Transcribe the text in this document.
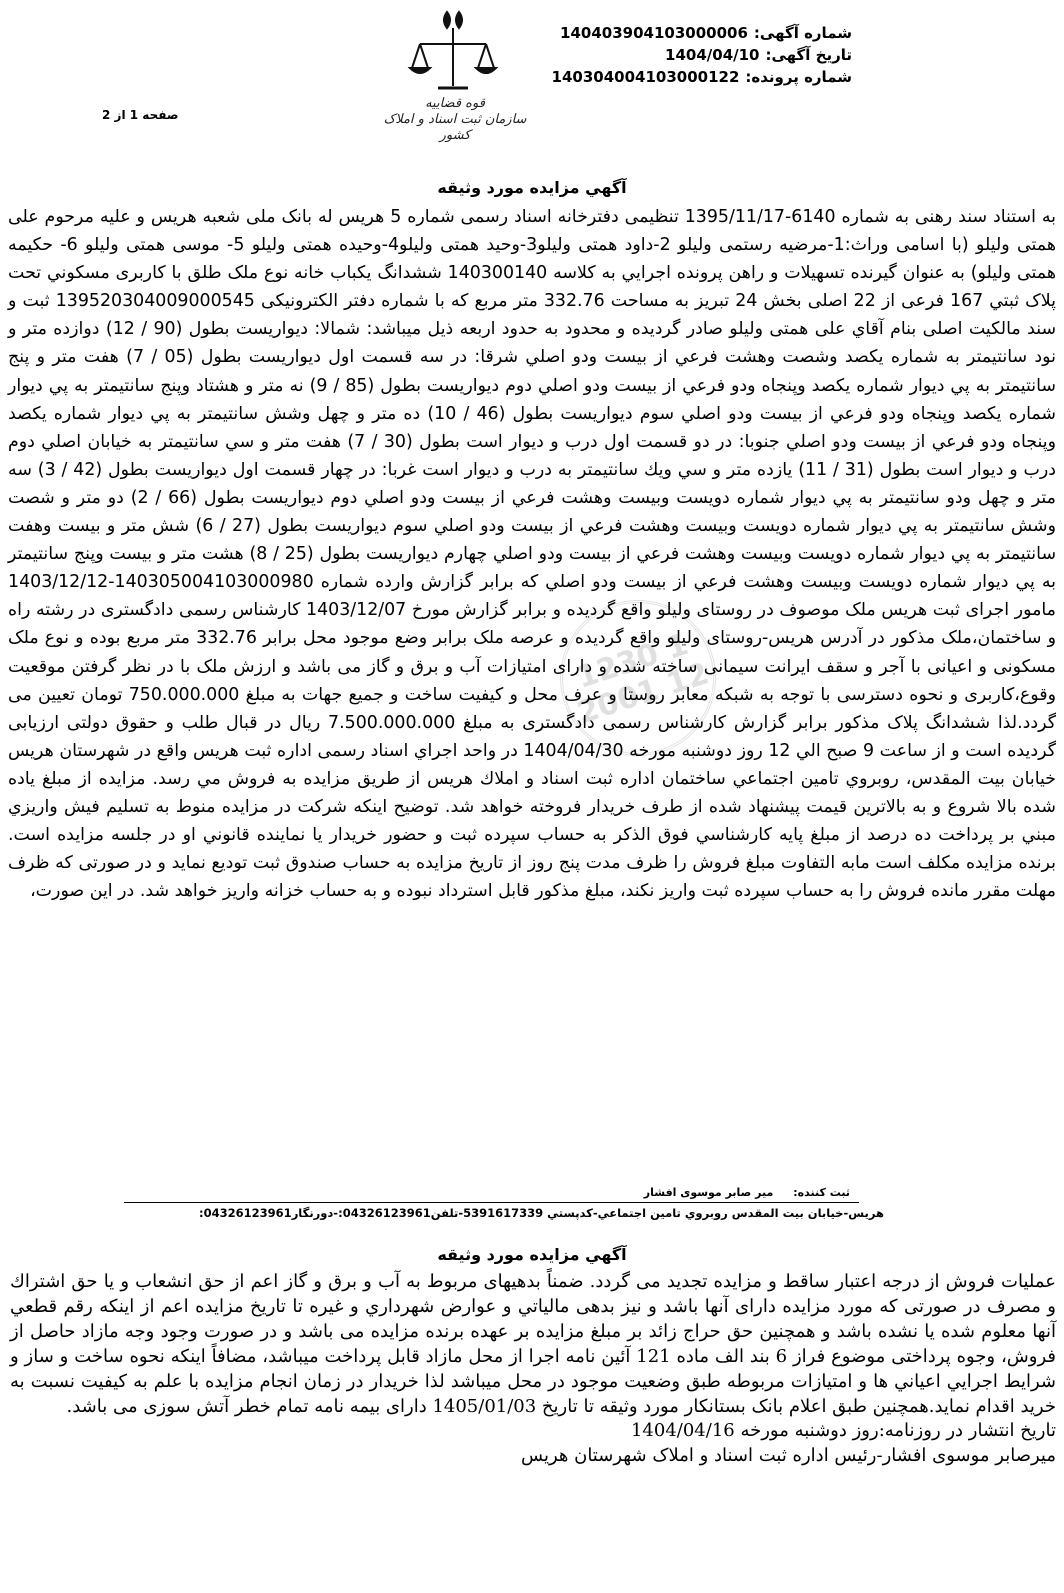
شماره آگهی:140403904103000006
تاریخ آگهی:1404/04/10
شماره پرونده:140304004103000122
قوه قضاییه
سازمان ثبت اسناد و املاک کشور
صفحه 1 از 2
1230 1 2001 12
آگهي مزايده مورد وثيقه
به استناد سند رهنی به شماره 6140-1395/11/17 تنظیمی دفترخانه اسناد رسمی شماره 5 هریس له بانک ملی شعبه هریس و علیه مرحوم علی همتی ولیلو (با اسامی وراث:1-مرضیه رستمی ولیلو 2-داود همتی ولیلو3-وحید همتی ولیلو4-وحیده همتی ولیلو 5- موسی همتی ولیلو 6- حکیمه همتی ولیلو) به عنوان گیرنده تسهیلات و راهن پرونده اجرايي به كلاسه 140300140 ششدانگ یکباب خانه نوع ملک طلق با کاربری مسكوني تحت پلاک ثبتي 167 فرعی از 22 اصلی بخش 24 تبریز به مساحت 332.76 متر مربع که با شماره دفتر الکترونیکی 13952030400900054​5 ثبت و سند مالکیت اصلی بنام آقاي علی همتی ولیلو صادر گردیده و محدود به حدود اربعه ذیل میباشد: شمالا: ديواريست بطول (90 / 12) دوازده متر و نود سانتيمتر به شماره يكصد وشصت وهشت فرعي از بيست ودو اصلي شرقا: در سه قسمت اول ديواريست بطول (05 / 7) هفت متر و پنج سانتيمتر به پي ديوار شماره يكصد وپنجاه ودو فرعي از بيست ودو اصلي دوم ديواريست بطول (85 / 9) نه متر و هشتاد وپنج سانتيمتر به پي ديوار شماره يكصد وپنجاه ودو فرعي از بيست ودو اصلي سوم ديواريست بطول (46 / 10) ده متر و چهل وشش سانتيمتر به پي ديوار شماره يكصد وپنجاه ودو فرعي از بيست ودو اصلي جنوبا: در دو قسمت اول درب و ديوار است بطول (30 / 7) هفت متر و سي سانتيمتر به خيابان اصلي دوم درب و ديوار است بطول (31 / 11) يازده متر و سي ويك سانتيمتر به درب و ديوار است غربا: در چهار قسمت اول ديواريست بطول (42 / 3) سه متر و چهل ودو سانتيمتر به پي ديوار شماره دويست وبيست وهشت فرعي از بيست ودو اصلي دوم ديواريست بطول (66 / 2) دو متر و شصت وشش سانتيمتر به پي ديوار شماره دويست وبيست وهشت فرعي از بيست ودو اصلي سوم ديواريست بطول (27 / 6) شش متر و بيست وهفت سانتيمتر به پي ديوار شماره دويست وبيست وهشت فرعي از بيست ودو اصلي چهارم ديواريست بطول (25 / 8) هشت متر و بيست وپنج سانتيمتر به پي ديوار شماره دويست وبيست وهشت فرعي از بيست ودو اصلي كه برابر گزارش وارده شماره 140305004103000980-1403/12/12 مامور اجرای ثبت هریس ملک موصوف در روستای ولیلو واقع گردیده و برابر گزارش مورخ 1403/12/07 کارشناس رسمی دادگستری در رشته راه و ساختمان،ملک مذکور در آدرس هریس-روستای ولیلو واقع گردیده و عرصه ملک برابر وضع موجود محل برابر 332.76 متر مربع بوده و نوع ملک مسکونی و اعیانی با آجر و سقف ایرانت سیمانی ساخته شده و دارای امتیازات آب و برق و گاز می باشد و ارزش ملک با در نظر گرفتن موقعیت وقوع،کاربری و نحوه دسترسی با توجه به شبکه معابر روستا و عرف محل و کیفیت ساخت و جمیع جهات به مبلغ 750.000.000 تومان تعیین می گردد.لذا ششدانگ پلاک مذکور برابر گزارش کارشناس رسمی دادگستری به مبلغ 7.500.000.000 ريال در قبال طلب و حقوق دولتی ارزیابی گردیده است و از ساعت 9 صبح الي 12 روز دوشنبه مورخه 1404/04/30 در واحد اجراي اسناد رسمی اداره ثبت هریس واقع در شهرستان هریس خیابان بیت المقدس، روبروي تامین اجتماعي ساختمان اداره ثبت اسناد و املاك هریس از طريق مزايده به فروش مي رسد. مزايده از مبلغ ياده شده بالا شروع و به بالاترين قيمت پيشنهاد شده از طرف خريدار فروخته خواهد شد. توضيح اينكه شركت در مزايده منوط به تسليم فيش واريزي مبني بر پرداخت ده درصد از مبلغ پايه كارشناسي فوق الذكر به حساب سپرده ثبت و حضور خريدار يا نماينده قانوني او در جلسه مزايده است. برنده مزايده مكلف است مابه التفاوت مبلغ فروش را ظرف مدت پنج روز از تاريخ مزايده به حساب صندوق ثبت توديع نمايد و در صورتی كه ظرف مهلت مقرر مانده فروش را به حساب سپرده ثبت واريز نكند، مبلغ مذكور قابل استرداد نبوده و به حساب خزانه واريز خواهد شد. در اين صورت،
ثبت کننده:میر صابر موسوی افشار
هريس-خيابان بيت المقدس روبروي تامين اجتماعي-كدپستي 5391617339-تلفن04326123961:-دورنگار04326123961:
آگهي مزايده مورد وثيقه
عملیات فروش از درجه اعتبار ساقط و مزايده تجدید مى گردد. ضمناً بدهيهاى مربوط به آب و برق و گاز اعم از حق انشعاب و يا حق اشتراك و مصرف در صورتی كه مورد مزايده داراى آنها باشد و نيز بدهى مالياتي و عوارض شهرداري و غيره تا تاريخ مزايده اعم از اينكه رقم قطعي آنها معلوم شده يا نشده باشد و همچنين حق حراج زائد بر مبلغ مزايده بر عهده برنده مزايده مى باشد و در صورت وجود وجه مازاد حاصل از فروش، وجوه پرداختی موضوع فراز 6 بند الف ماده 121 آئین نامه اجرا از محل مازاد قابل پرداخت ميباشد، مضافاً اينكه نحوه ساخت و ساز و شرايط اجرايي اعياني ها و امتيازات مربوطه طبق وضعيت موجود در محل ميباشد لذا خريدار در زمان انجام مزايده با علم به كيفيت نسبت به خريد اقدام نمايد.همچنین طبق اعلام بانک بستانکار مورد وثیقه تا تاریخ 1405/01/03 دارای بیمه نامه تمام خطر آتش سوزی می باشد.
تاريخ انتشار در روزنامه:روز دوشنبه مورخه 1404/04/16
میرصابر موسوی افشار-رئیس اداره ثبت اسناد و املاک شهرستان هریس
